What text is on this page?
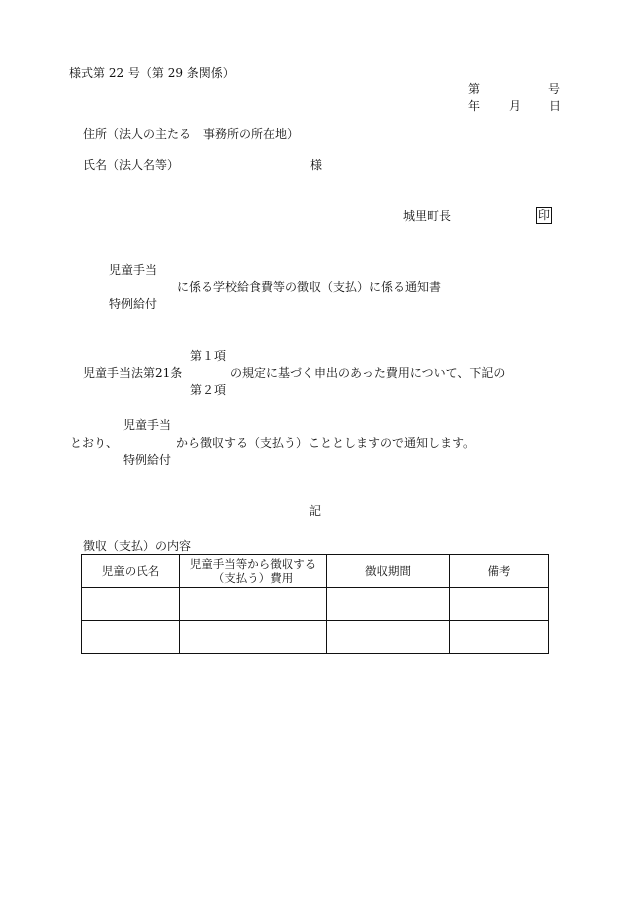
様式第 22 号（第 29 条関係）
第	号
年 月 日
住所（法人の主たる　事務所の所在地）
氏名（法人名等）	様
城里町長	印
児童手当
に係る学校給食費等の徴収（支払）に係る通知書
特例給付
第１項
児童手当法第21条	の規定に基づく申出のあった費用について、下記の
第２項
児童手当
とおり、	から徴収する（支払う）こととしますので通知します。
特例給付
記
徴収（支払）の内容
児童の氏名	児童手当等から徴収する
（支払う）費用	徴収期間	備考
